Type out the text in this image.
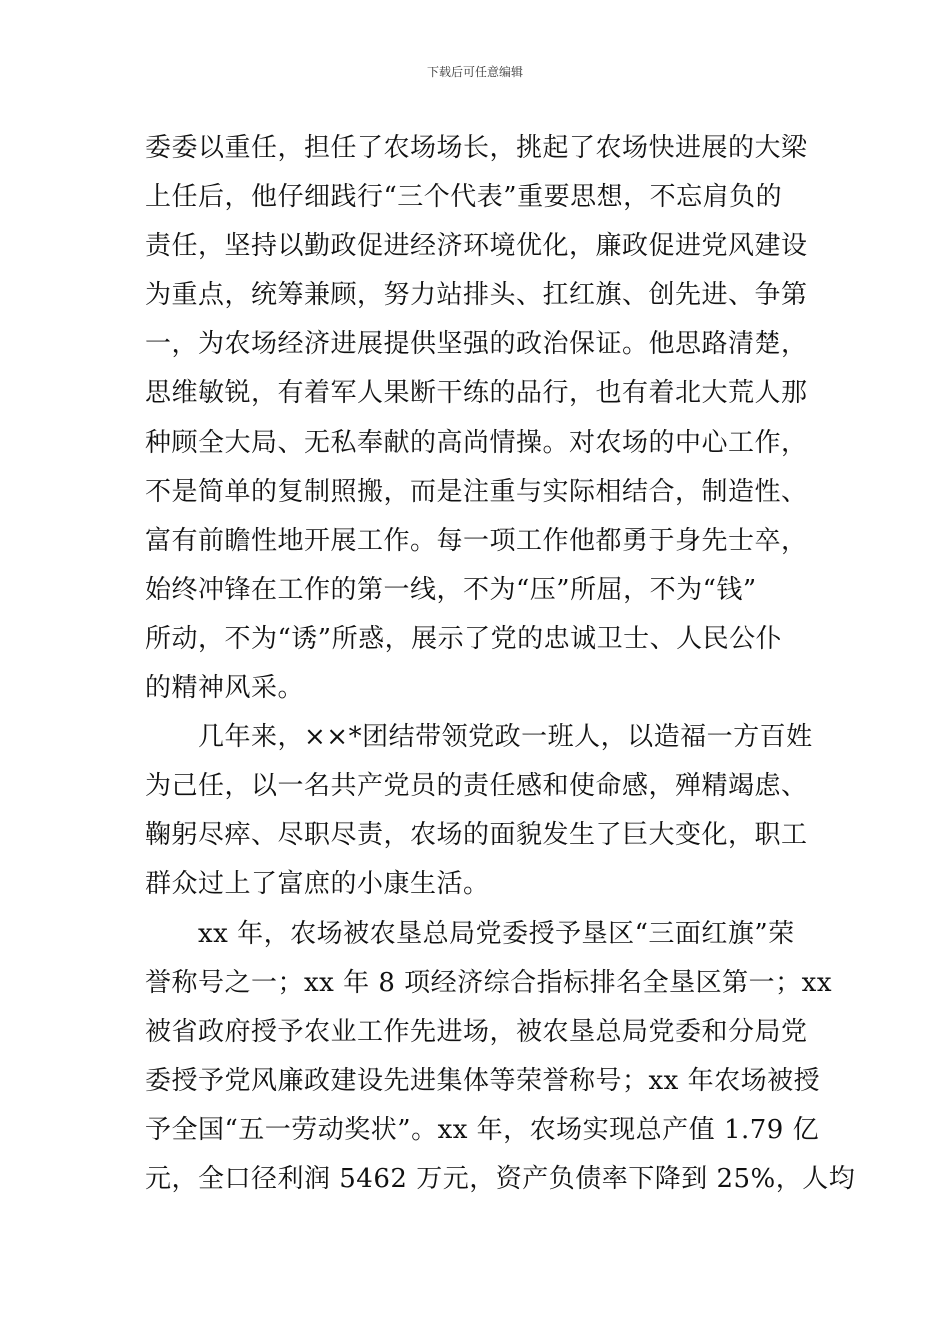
下载后可任意编辑
委委以重任，担任了农场场长，挑起了农场快进展的大梁
上任后，他仔细践行“三个代表”重要思想，不忘肩负的
责任，坚持以勤政促进经济环境优化，廉政促进党风建设
为重点，统筹兼顾，努力站排头、扛红旗、创先进、争第
一，为农场经济进展提供坚强的政治保证。他思路清楚，
思维敏锐，有着军人果断干练的品行，也有着北大荒人那
种顾全大局、无私奉献的高尚情操。对农场的中心工作，
不是简单的复制照搬，而是注重与实际相结合，制造性、
富有前瞻性地开展工作。每一项工作他都勇于身先士卒，
始终冲锋在工作的第一线，不为“压”所屈，不为“钱”
所动，不为“诱”所惑，展示了党的忠诚卫士、人民公仆
的精神风采。
　　几年来，××*团结带领党政一班人，以造福一方百姓
为己任，以一名共产党员的责任感和使命感，殚精竭虑、
鞠躬尽瘁、尽职尽责，农场的面貌发生了巨大变化，职工
群众过上了富庶的小康生活。
　　xx 年，农场被农垦总局党委授予垦区“三面红旗”荣
誉称号之一；xx 年 8 项经济综合指标排名全垦区第一；xx
被省政府授予农业工作先进场，被农垦总局党委和分局党
委授予党风廉政建设先进集体等荣誉称号；xx 年农场被授
予全国“五一劳动奖状”。xx 年，农场实现总产值 1.79 亿
元，全口径利润 5462 万元，资产负债率下降到 25%，人均
